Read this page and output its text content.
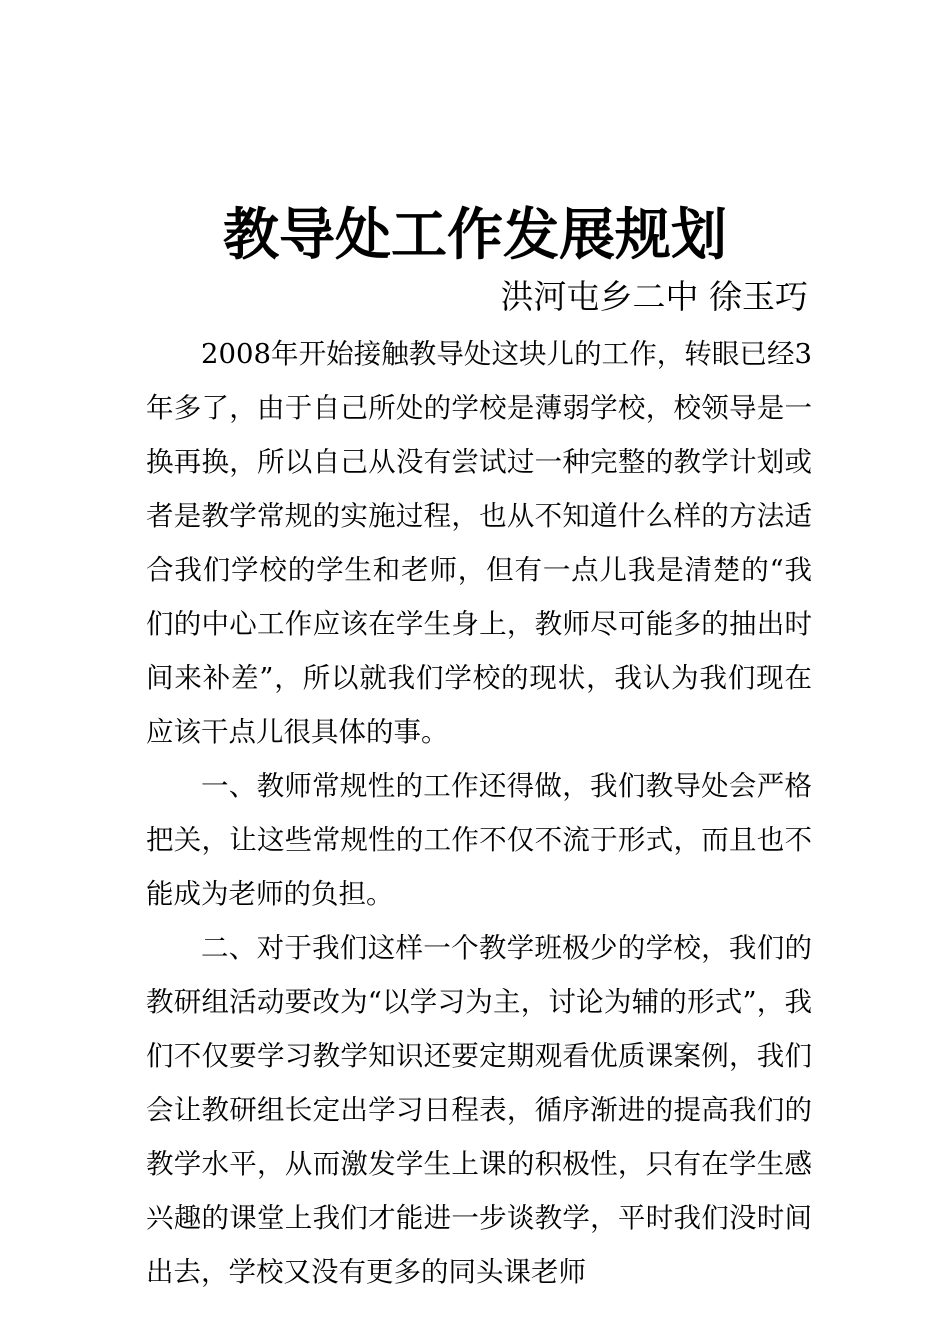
教导处工作发展规划
洪河屯乡二中 徐玉巧

2008年开始接触教导处这块儿的工作，转眼已经3年多了，由于自己所处的学校是薄弱学校，校领导是一换再换，所以自己从没有尝试过一种完整的教学计划或者是教学常规的实施过程，也从不知道什么样的方法适合我们学校的学生和老师，但有一点儿我是清楚的“我们的中心工作应该在学生身上，教师尽可能多的抽出时间来补差”，所以就我们学校的现状，我认为我们现在应该干点儿很具体的事。

一、教师常规性的工作还得做，我们教导处会严格把关，让这些常规性的工作不仅不流于形式，而且也不能成为老师的负担。

二、对于我们这样一个教学班极少的学校，我们的教研组活动要改为“以学习为主，讨论为辅的形式”，我们不仅要学习教学知识还要定期观看优质课案例，我们会让教研组长定出学习日程表，循序渐进的提高我们的教学水平，从而激发学生上课的积极性，只有在学生感兴趣的课堂上我们才能进一步谈教学，平时我们没时间出去，学校又没有更多的同头课老师
